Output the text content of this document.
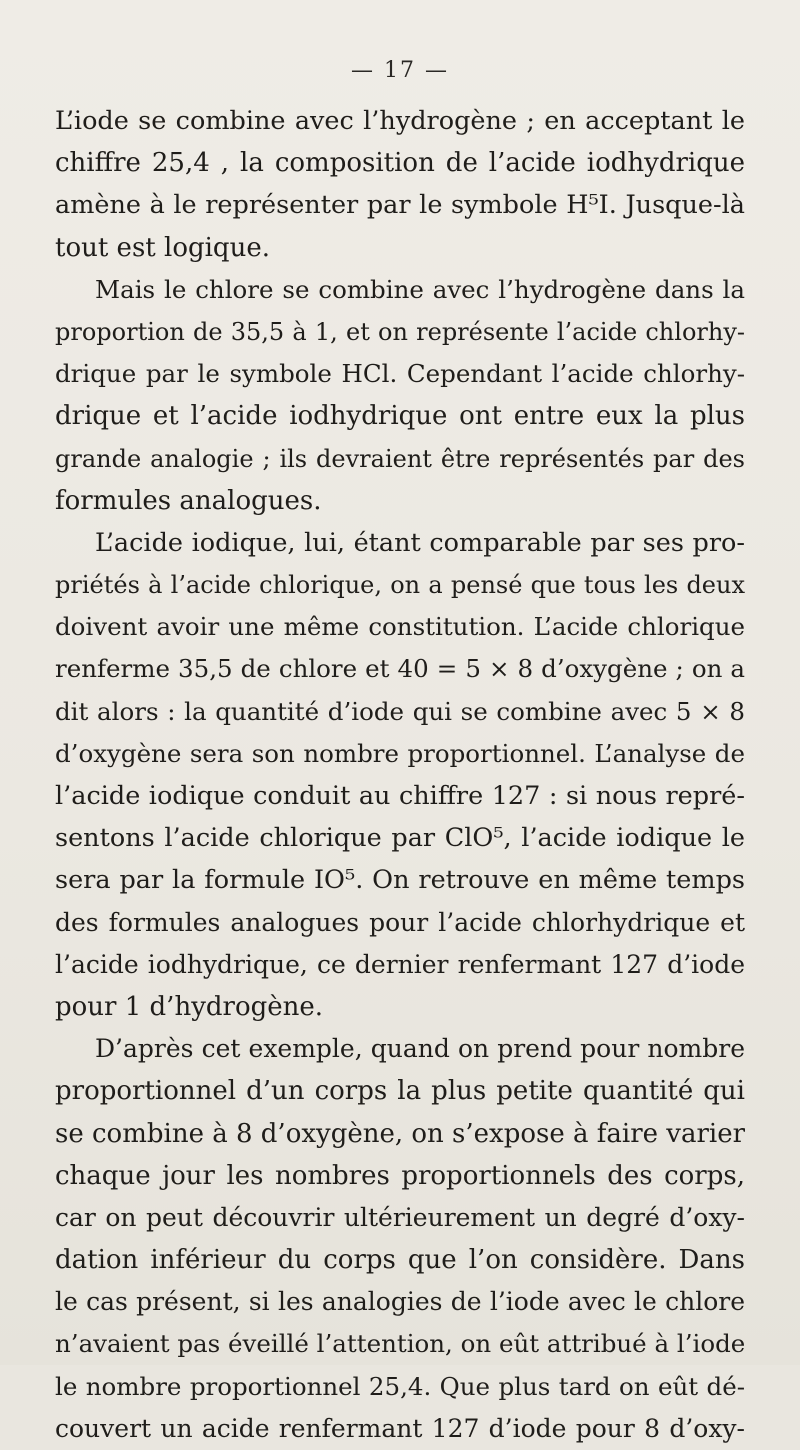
— 17 —
L’iode se combine avec l’hydrogène ; en acceptant le
chiffre 25,4 , la composition de l’acide iodhydrique
amène à le représenter par le symbole H⁵I. Jusque-là
tout est logique.
Mais le chlore se combine avec l’hydrogène dans la
proportion de 35,5 à 1, et on représente l’acide chlorhy-
drique par le symbole HCl. Cependant l’acide chlorhy-
drique et l’acide iodhydrique ont entre eux la plus
grande analogie ; ils devraient être représentés par des
formules analogues.
L’acide iodique, lui, étant comparable par ses pro-
priétés à l’acide chlorique, on a pensé que tous les deux
doivent avoir une même constitution. L’acide chlorique
renferme 35,5 de chlore et 40 = 5 × 8 d’oxygène ; on a
dit alors : la quantité d’iode qui se combine avec 5 × 8
d’oxygène sera son nombre proportionnel. L’analyse de
l’acide iodique conduit au chiffre 127 : si nous repré-
sentons l’acide chlorique par ClO⁵, l’acide iodique le
sera par la formule IO⁵. On retrouve en même temps
des formules analogues pour l’acide chlorhydrique et
l’acide iodhydrique, ce dernier renfermant 127 d’iode
pour 1 d’hydrogène.
D’après cet exemple, quand on prend pour nombre
proportionnel d’un corps la plus petite quantité qui
se combine à 8 d’oxygène, on s’expose à faire varier
chaque jour les nombres proportionnels des corps,
car on peut découvrir ultérieurement un degré d’oxy-
dation inférieur du corps que l’on considère. Dans
le cas présent, si les analogies de l’iode avec le chlore
n’avaient pas éveillé l’attention, on eût attribué à l’iode
le nombre proportionnel 25,4. Que plus tard on eût dé-
couvert un acide renfermant 127 d’iode pour 8 d’oxy-
